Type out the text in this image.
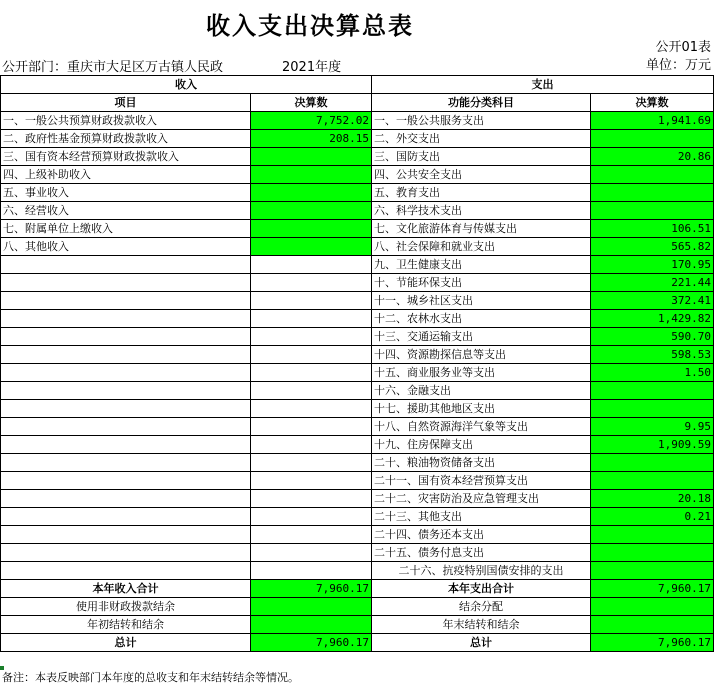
收入支出决算总表
公开01表
公开部门：重庆市大足区万古镇人民政	2021年度	单位：万元
收入		支出	
项目	决算数	功能分类科目	决算数
一、一般公共预算财政拨款收入	7,752.02	一、一般公共服务支出	1,941.69
二、政府性基金预算财政拨款收入	208.15	二、外交支出	
三、国有资本经营预算财政拨款收入		三、国防支出	20.86
四、上级补助收入		四、公共安全支出	
五、事业收入		五、教育支出	
六、经营收入		六、科学技术支出	
七、附属单位上缴收入		七、文化旅游体育与传媒支出	106.51
八、其他收入		八、社会保障和就业支出	565.82
		九、卫生健康支出	170.95
		十、节能环保支出	221.44
		十一、城乡社区支出	372.41
		十二、农林水支出	1,429.82
		十三、交通运输支出	590.70
		十四、资源勘探信息等支出	598.53
		十五、商业服务业等支出	1.50
		十六、金融支出	
		十七、援助其他地区支出	
		十八、自然资源海洋气象等支出	9.95
		十九、住房保障支出	1,909.59
		二十、粮油物资储备支出	
		二十一、国有资本经营预算支出	
		二十二、灾害防治及应急管理支出	20.18
		二十三、其他支出	0.21
		二十四、债务还本支出	
		二十五、债务付息支出	
		二十六、抗疫特别国债安排的支出	
本年收入合计	7,960.17	本年支出合计	7,960.17
使用非财政拨款结余		结余分配	
年初结转和结余		年末结转和结余	
总计	7,960.17	总计	7,960.17
备注：本表反映部门本年度的总收支和年末结转结余等情况。
